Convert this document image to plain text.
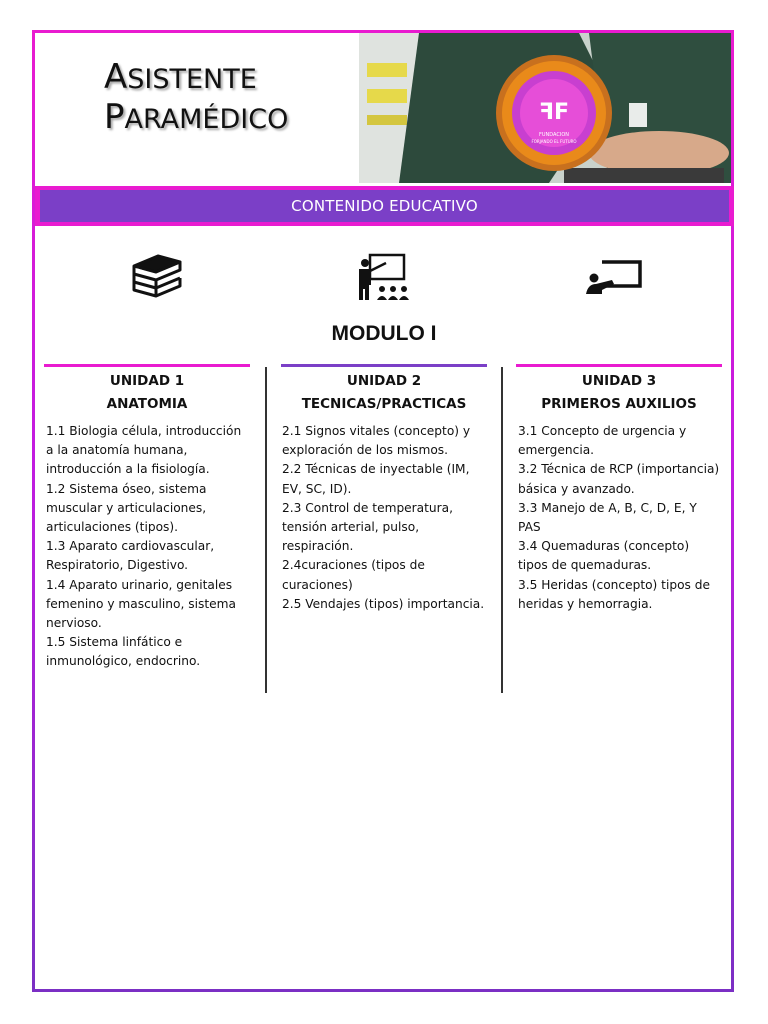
ASISTENTE
PARAMÉDICO	ꟻF
FUNDACION
FORJANDO EL FUTURO
CONTENIDO EDUCATIVO
MODULO I
UNIDAD 1
ANATOMIA
1.1 Biologia célula, introducción a la anatomía humana, introducción a la fisiología.
1.2 Sistema óseo, sistema muscular y articulaciones, articulaciones (tipos).
1.3 Aparato cardiovascular, Respiratorio, Digestivo.
1.4 Aparato urinario, genitales femenino y masculino, sistema nervioso.
1.5 Sistema linfático e inmunológico, endocrino.
UNIDAD 2
TECNICAS/PRACTICAS
2.1 Signos vitales (concepto) y exploración de los mismos.
2.2 Técnicas de inyectable (IM, EV, SC, ID).
2.3 Control de temperatura, tensión arterial, pulso, respiración.
2.4curaciones (tipos de curaciones)
2.5 Vendajes (tipos) importancia.
UNIDAD 3
PRIMEROS AUXILIOS
3.1 Concepto de urgencia y emergencia.
3.2 Técnica de RCP (importancia) básica y avanzado.
3.3 Manejo de A, B, C, D, E, Y PAS
3.4 Quemaduras (concepto) tipos de quemaduras.
3.5 Heridas (concepto) tipos de heridas y hemorragia.
